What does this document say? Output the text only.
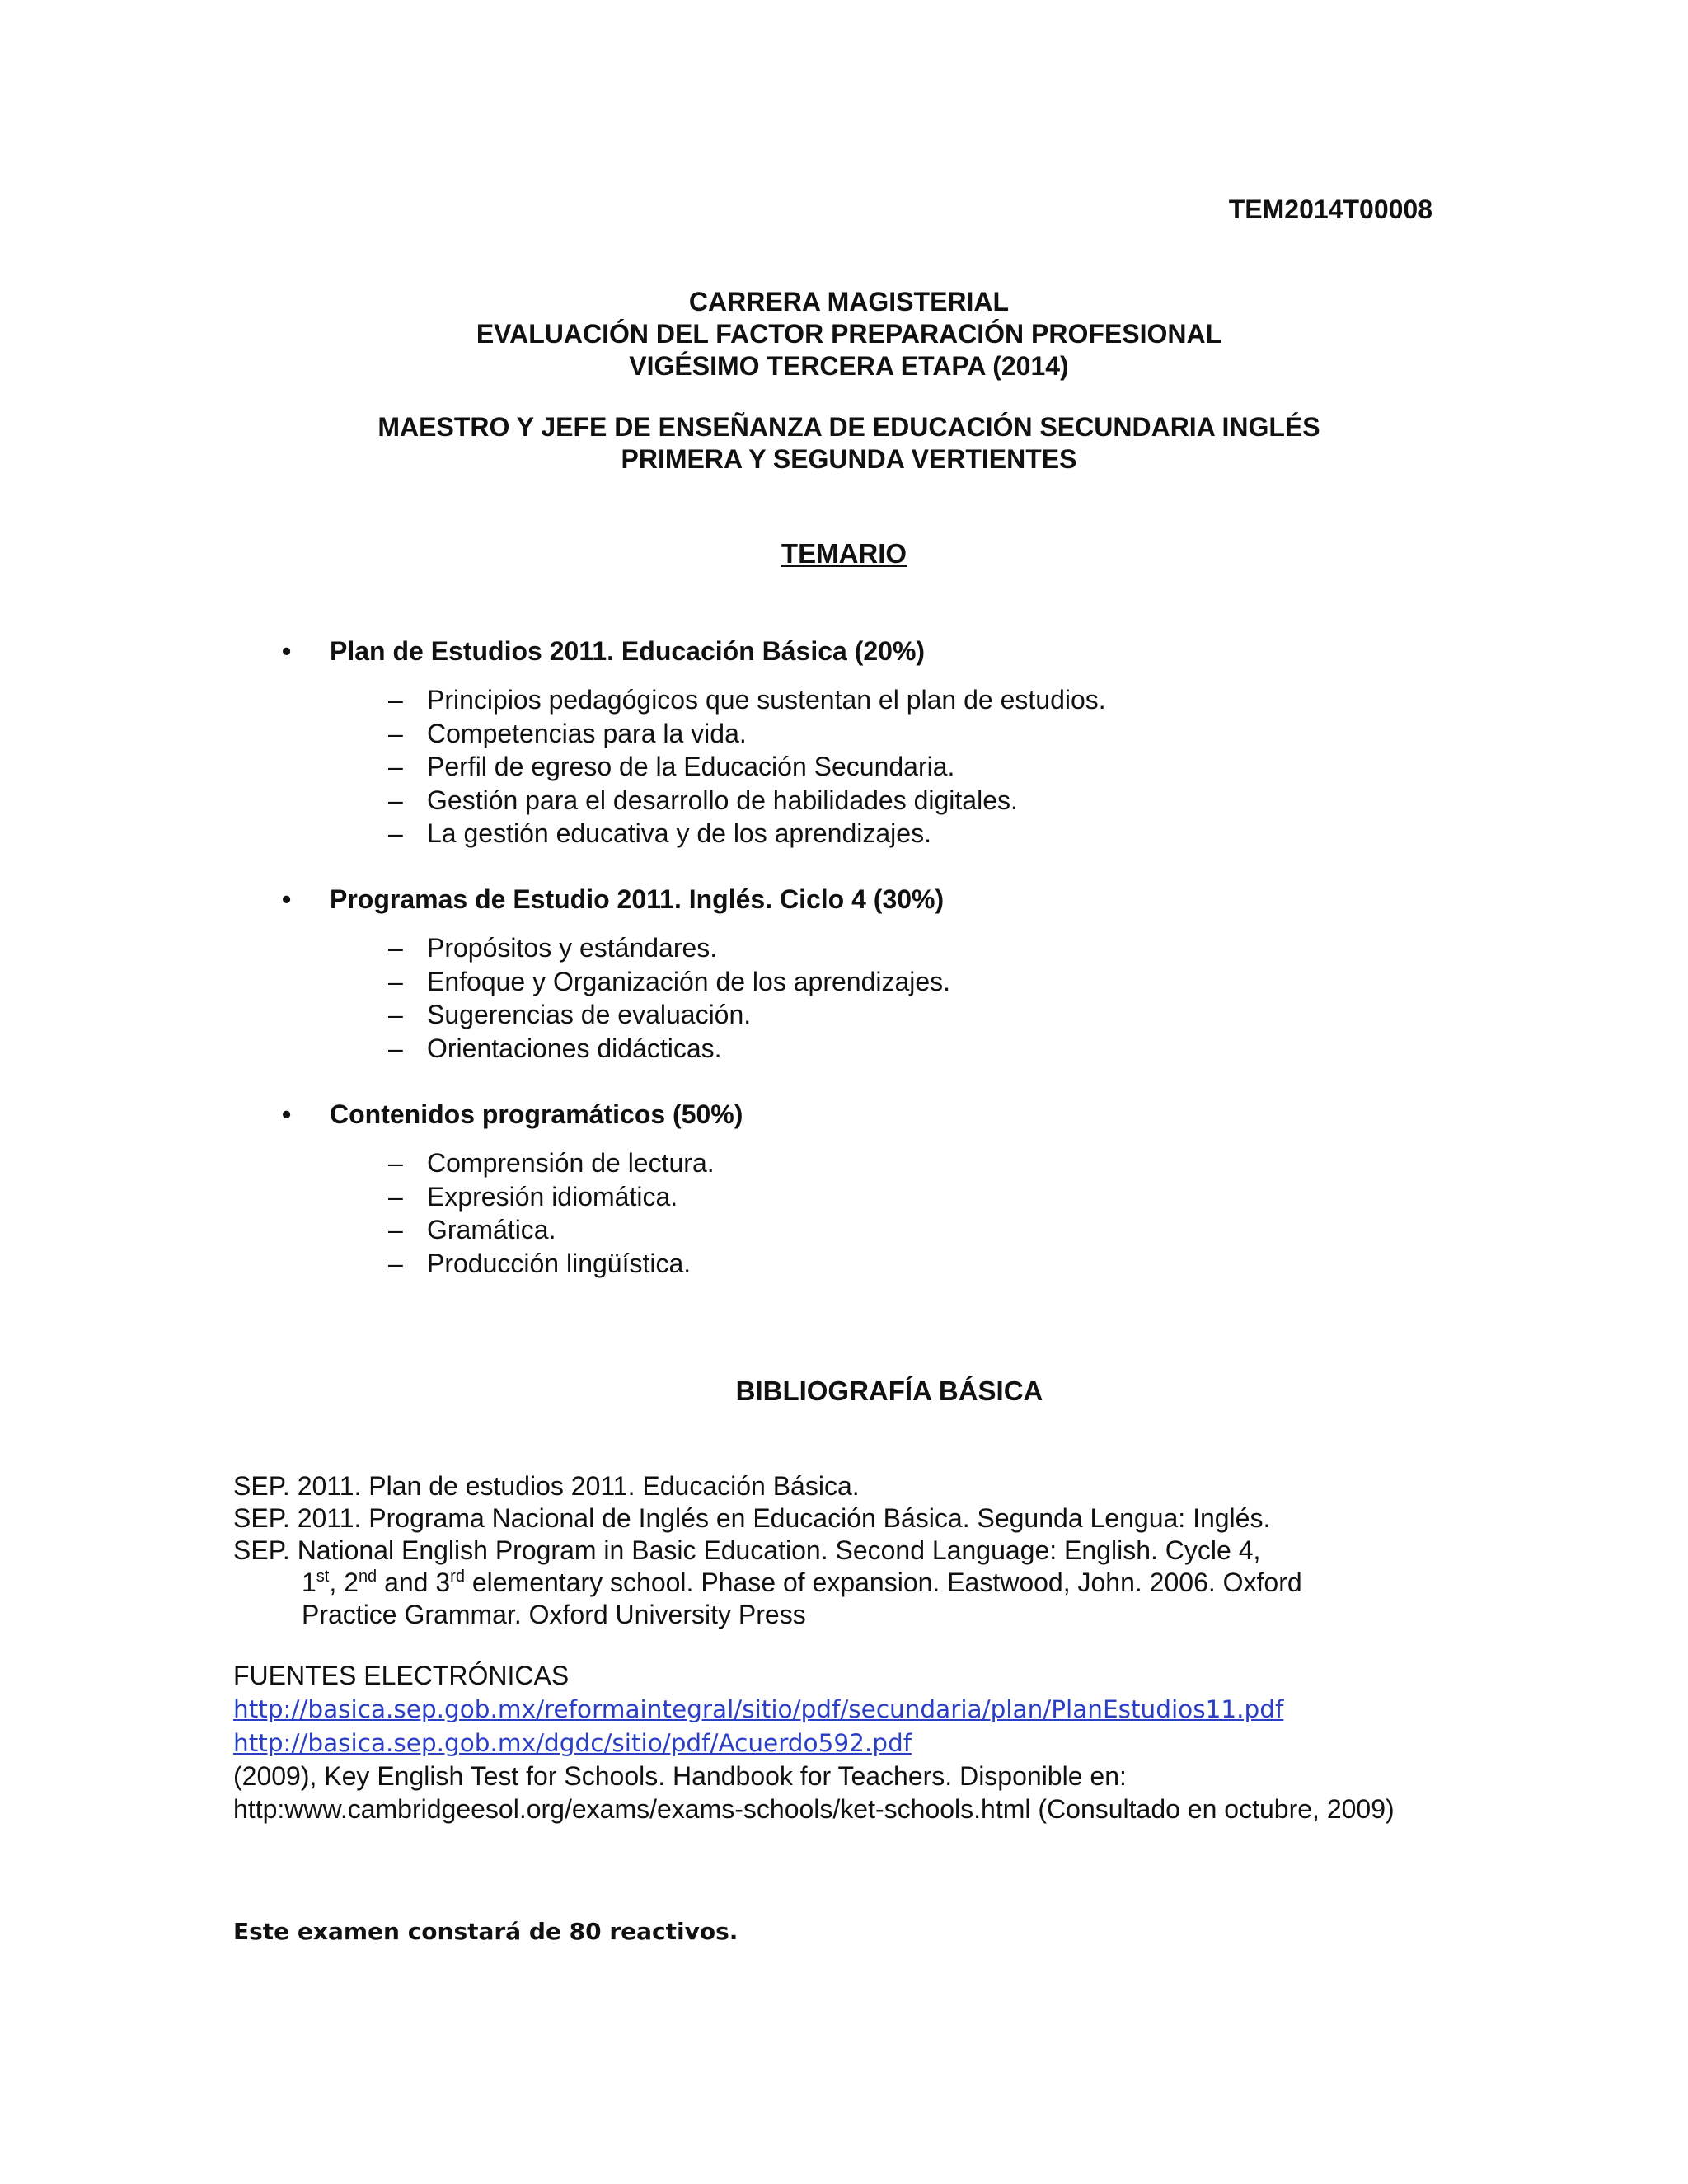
TEM2014T00008
CARRERA MAGISTERIAL
EVALUACIÓN DEL FACTOR PREPARACIÓN PROFESIONAL
VIGÉSIMO TERCERA ETAPA (2014)
MAESTRO Y JEFE DE ENSEÑANZA DE EDUCACIÓN SECUNDARIA INGLÉS
PRIMERA Y SEGUNDA VERTIENTES
TEMARIO
• Plan de Estudios 2011. Educación Básica (20%)
– Principios pedagógicos que sustentan el plan de estudios.
– Competencias para la vida.
– Perfil de egreso de la Educación Secundaria.
– Gestión para el desarrollo de habilidades digitales.
– La gestión educativa y de los aprendizajes.
• Programas de Estudio 2011. Inglés. Ciclo 4 (30%)
– Propósitos y estándares.
– Enfoque y Organización de los aprendizajes.
– Sugerencias de evaluación.
– Orientaciones didácticas.
• Contenidos programáticos (50%)
– Comprensión de lectura.
– Expresión idiomática.
– Gramática.
– Producción lingüística.
BIBLIOGRAFÍA BÁSICA
SEP. 2011. Plan de estudios 2011. Educación Básica.
SEP. 2011. Programa Nacional de Inglés en Educación Básica. Segunda Lengua: Inglés.
SEP. National English Program in Basic Education. Second Language: English. Cycle 4,
1st, 2nd and 3rd elementary school. Phase of expansion. Eastwood, John. 2006. Oxford
Practice Grammar. Oxford University Press
FUENTES ELECTRÓNICAS
http://basica.sep.gob.mx/reformaintegral/sitio/pdf/secundaria/plan/PlanEstudios11.pdf
http://basica.sep.gob.mx/dgdc/sitio/pdf/Acuerdo592.pdf
(2009), Key English Test for Schools. Handbook for Teachers. Disponible en:
http:www.cambridgeesol.org/exams/exams-schools/ket-schools.html (Consultado en octubre, 2009)
Este examen constará de 80 reactivos.
